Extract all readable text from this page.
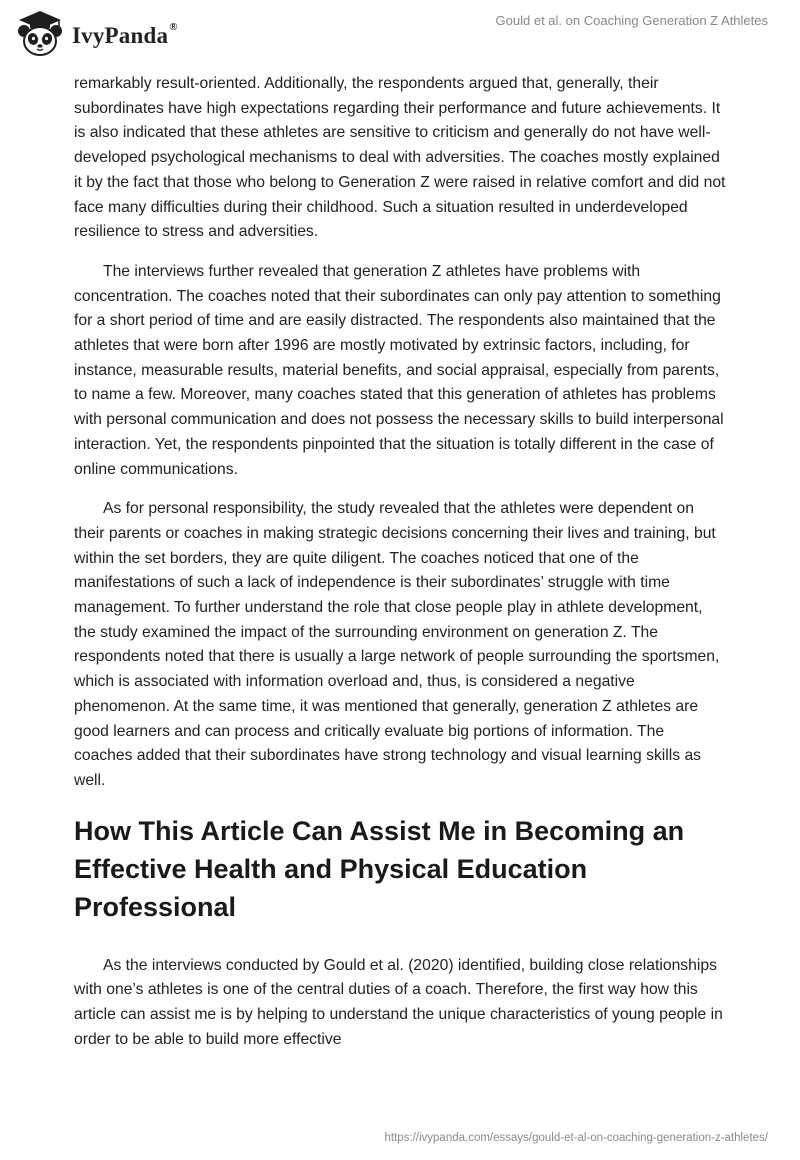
IvyPanda®	Gould et al. on Coaching Generation Z Athletes

remarkably result-oriented. Additionally, the respondents argued that, generally, their subordinates have high expectations regarding their performance and future achievements. It is also indicated that these athletes are sensitive to criticism and generally do not have well-developed psychological mechanisms to deal with adversities. The coaches mostly explained it by the fact that those who belong to Generation Z were raised in relative comfort and did not face many difficulties during their childhood. Such a situation resulted in underdeveloped resilience to stress and adversities.

The interviews further revealed that generation Z athletes have problems with concentration. The coaches noted that their subordinates can only pay attention to something for a short period of time and are easily distracted. The respondents also maintained that the athletes that were born after 1996 are mostly motivated by extrinsic factors, including, for instance, measurable results, material benefits, and social appraisal, especially from parents, to name a few. Moreover, many coaches stated that this generation of athletes has problems with personal communication and does not possess the necessary skills to build interpersonal interaction. Yet, the respondents pinpointed that the situation is totally different in the case of online communications.

As for personal responsibility, the study revealed that the athletes were dependent on their parents or coaches in making strategic decisions concerning their lives and training, but within the set borders, they are quite diligent. The coaches noticed that one of the manifestations of such a lack of independence is their subordinates’ struggle with time management. To further understand the role that close people play in athlete development, the study examined the impact of the surrounding environment on generation Z. The respondents noted that there is usually a large network of people surrounding the sportsmen, which is associated with information overload and, thus, is considered a negative phenomenon. At the same time, it was mentioned that generally, generation Z athletes are good learners and can process and critically evaluate big portions of information. The coaches added that their subordinates have strong technology and visual learning skills as well.

How This Article Can Assist Me in Becoming an Effective Health and Physical Education Professional

As the interviews conducted by Gould et al. (2020) identified, building close relationships with one’s athletes is one of the central duties of a coach. Therefore, the first way how this article can assist me is by helping to understand the unique characteristics of young people in order to be able to build more effective

https://ivypanda.com/essays/gould-et-al-on-coaching-generation-z-athletes/
